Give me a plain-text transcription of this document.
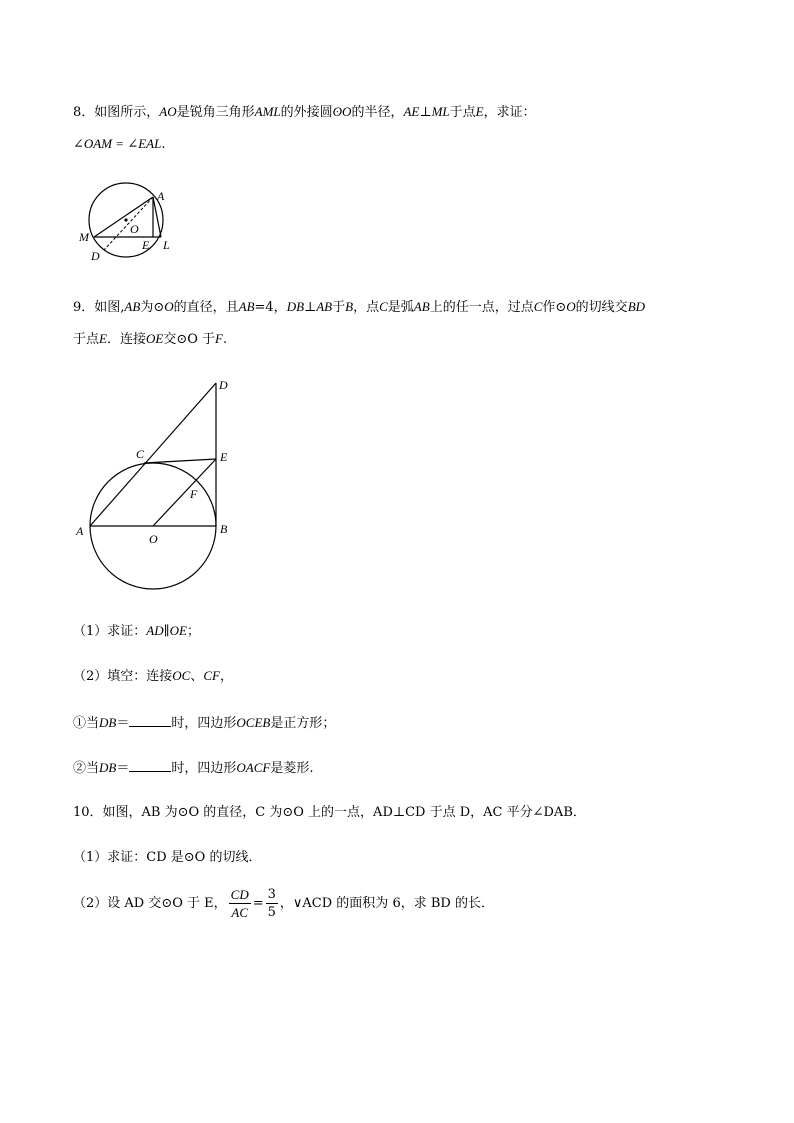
8．如图所示，AO是锐角三角形AML的外接圆ʘO的半径，AE⊥ML于点E，求证：
∠OAM = ∠EAL.
A
M
O
E L
D
9．如图,AB为⊙O的直径，且AB=4，DB⊥AB于B，点C是弧AB上的任一点，过点C作⊙O的切线交BD
于点E．连接OE交⊙O 于F.
D
C	E
F
A	B
O
（1）求证：AD∥OE；
（2）填空：连接OC、CF，
①当DB＝	时，四边形OCEB是正方形；
②当DB＝	时，四边形OACF是菱形.
10．如图，AB 为⊙O 的直径，C 为⊙O 上的一点，AD⊥CD 于点 D，AC 平分∠DAB．
（1）求证：CD 是⊙O 的切线．
（2）设 AD 交⊙O 于 E， $\frac{CD}{AC} = \frac{3}{5}$ ，∨ACD 的面积为 6，求 BD 的长．
